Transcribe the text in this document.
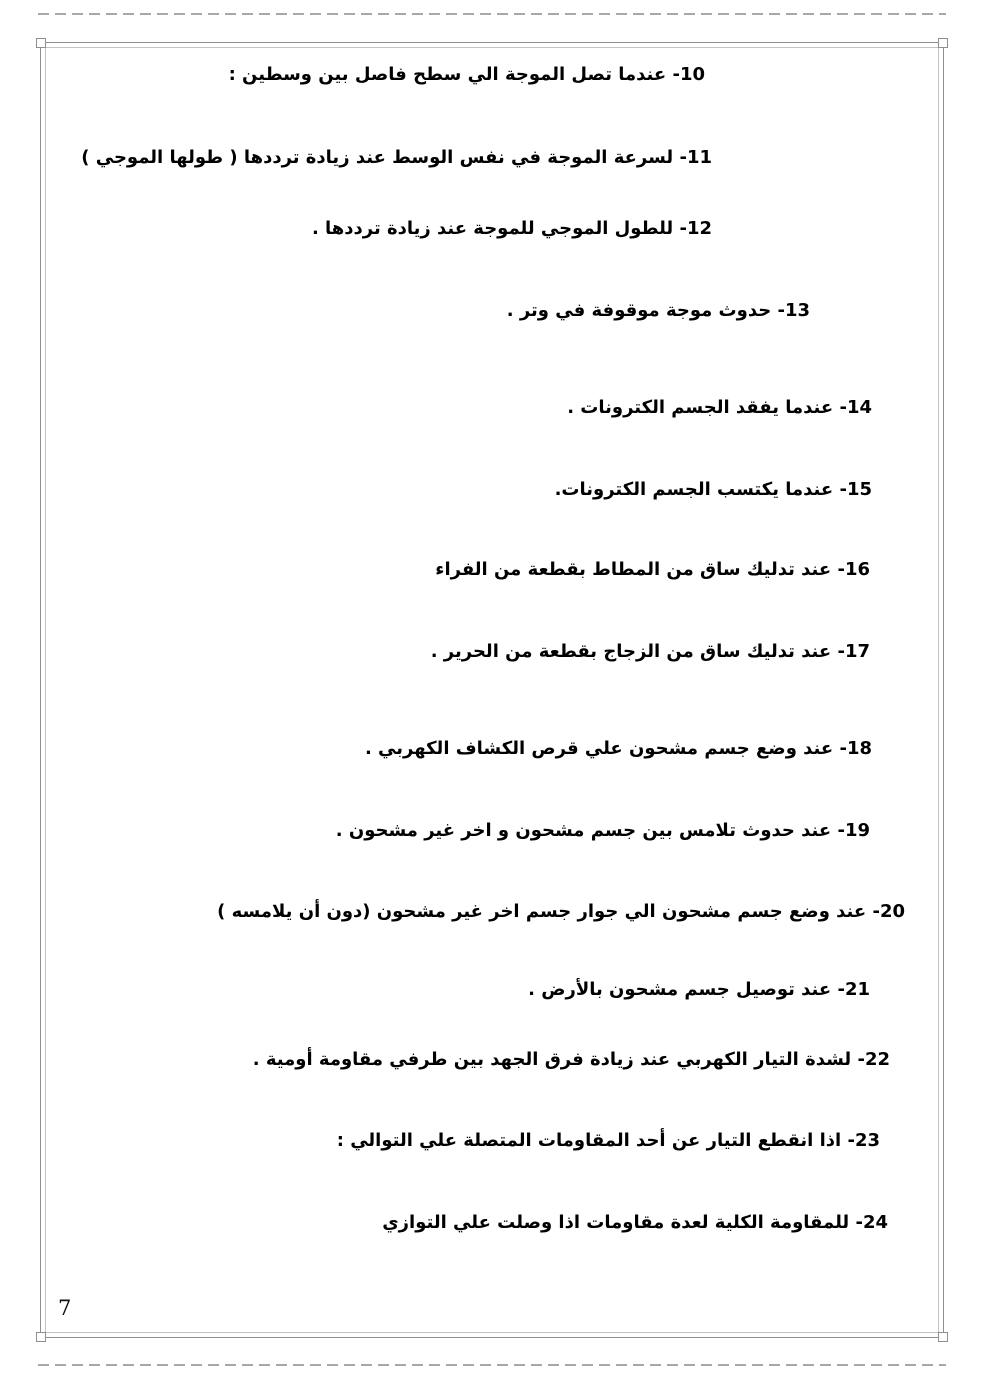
10- عندما تصل الموجة الي سطح فاصل بين وسطين :
11- لسرعة الموجة في نفس الوسط عند زيادة ترددها ( طولها الموجي )
12- للطول الموجي للموجة عند زيادة ترددها .
13- حدوث موجة موقوفة في وتر .
14- عندما يفقد الجسم الكترونات .
15- عندما يكتسب الجسم الكترونات.
16- عند تدليك ساق من المطاط بقطعة من الفراء
17- عند تدليك ساق من الزجاج بقطعة من الحرير .
18- عند وضع جسم مشحون علي قرص الكشاف الكهربي .
19- عند حدوث تلامس بين جسم مشحون و اخر غير مشحون .
20- عند وضع جسم مشحون الي جوار جسم اخر غير مشحون (دون أن يلامسه )
21- عند توصيل جسم مشحون بالأرض .
22- لشدة التيار الكهربي عند زيادة فرق الجهد بين طرفي مقاومة أومية .
23- اذا انقطع التيار عن أحد المقاومات المتصلة علي التوالي :
24- للمقاومة الكلية لعدة مقاومات اذا وصلت علي التوازي
7
